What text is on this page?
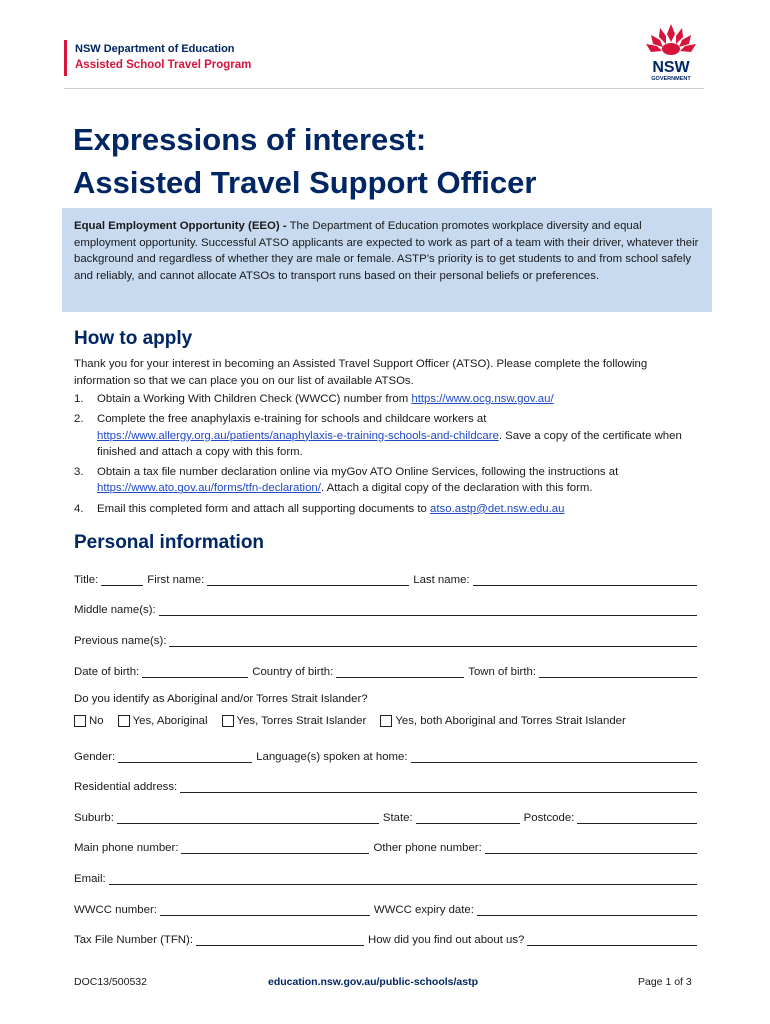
NSW Department of Education
Assisted School Travel Program	NSW
GOVERNMENT
Expressions of interest:
Assisted Travel Support Officer
Equal Employment Opportunity (EEO) - The Department of Education promotes workplace diversity and equal employment opportunity. Successful ATSO applicants are expected to work as part of a team with their driver, whatever their background and regardless of whether they are male or female. ASTP’s priority is to get students to and from school safely and reliably, and cannot allocate ATSOs to transport runs based on their personal beliefs or preferences.
How to apply
Thank you for your interest in becoming an Assisted Travel Support Officer (ATSO). Please complete the following information so that we can place you on our list of available ATSOs.
1. Obtain a Working With Children Check (WWCC) number from https://www.ocg.nsw.gov.au/
2. Complete the free anaphylaxis e-training for schools and childcare workers at https://www.allergy.org.au/patients/anaphylaxis-e-training-schools-and-childcare. Save a copy of the certificate when finished and attach a copy with this form.
3. Obtain a tax file number declaration online via myGov ATO Online Services, following the instructions at https://www.ato.gov.au/forms/tfn-declaration/. Attach a digital copy of the declaration with this form.
4. Email this completed form and attach all supporting documents to atso.astp@det.nsw.edu.au
Personal information
Title:	First name:	Last name:
Middle name(s):
Previous name(s):
Date of birth:	Country of birth:	Town of birth:
Do you identify as Aboriginal and/or Torres Strait Islander?
No	Yes, Aboriginal	Yes, Torres Strait Islander	Yes, both Aboriginal and Torres Strait Islander
Gender:	Language(s) spoken at home:
Residential address:
Suburb:	State:	Postcode:
Main phone number:	Other phone number:
Email:
WWCC number:	WWCC expiry date:
Tax File Number (TFN):	How did you find out about us?
DOC13/500532	education.nsw.gov.au/public-schools/astp	Page 1 of 3
